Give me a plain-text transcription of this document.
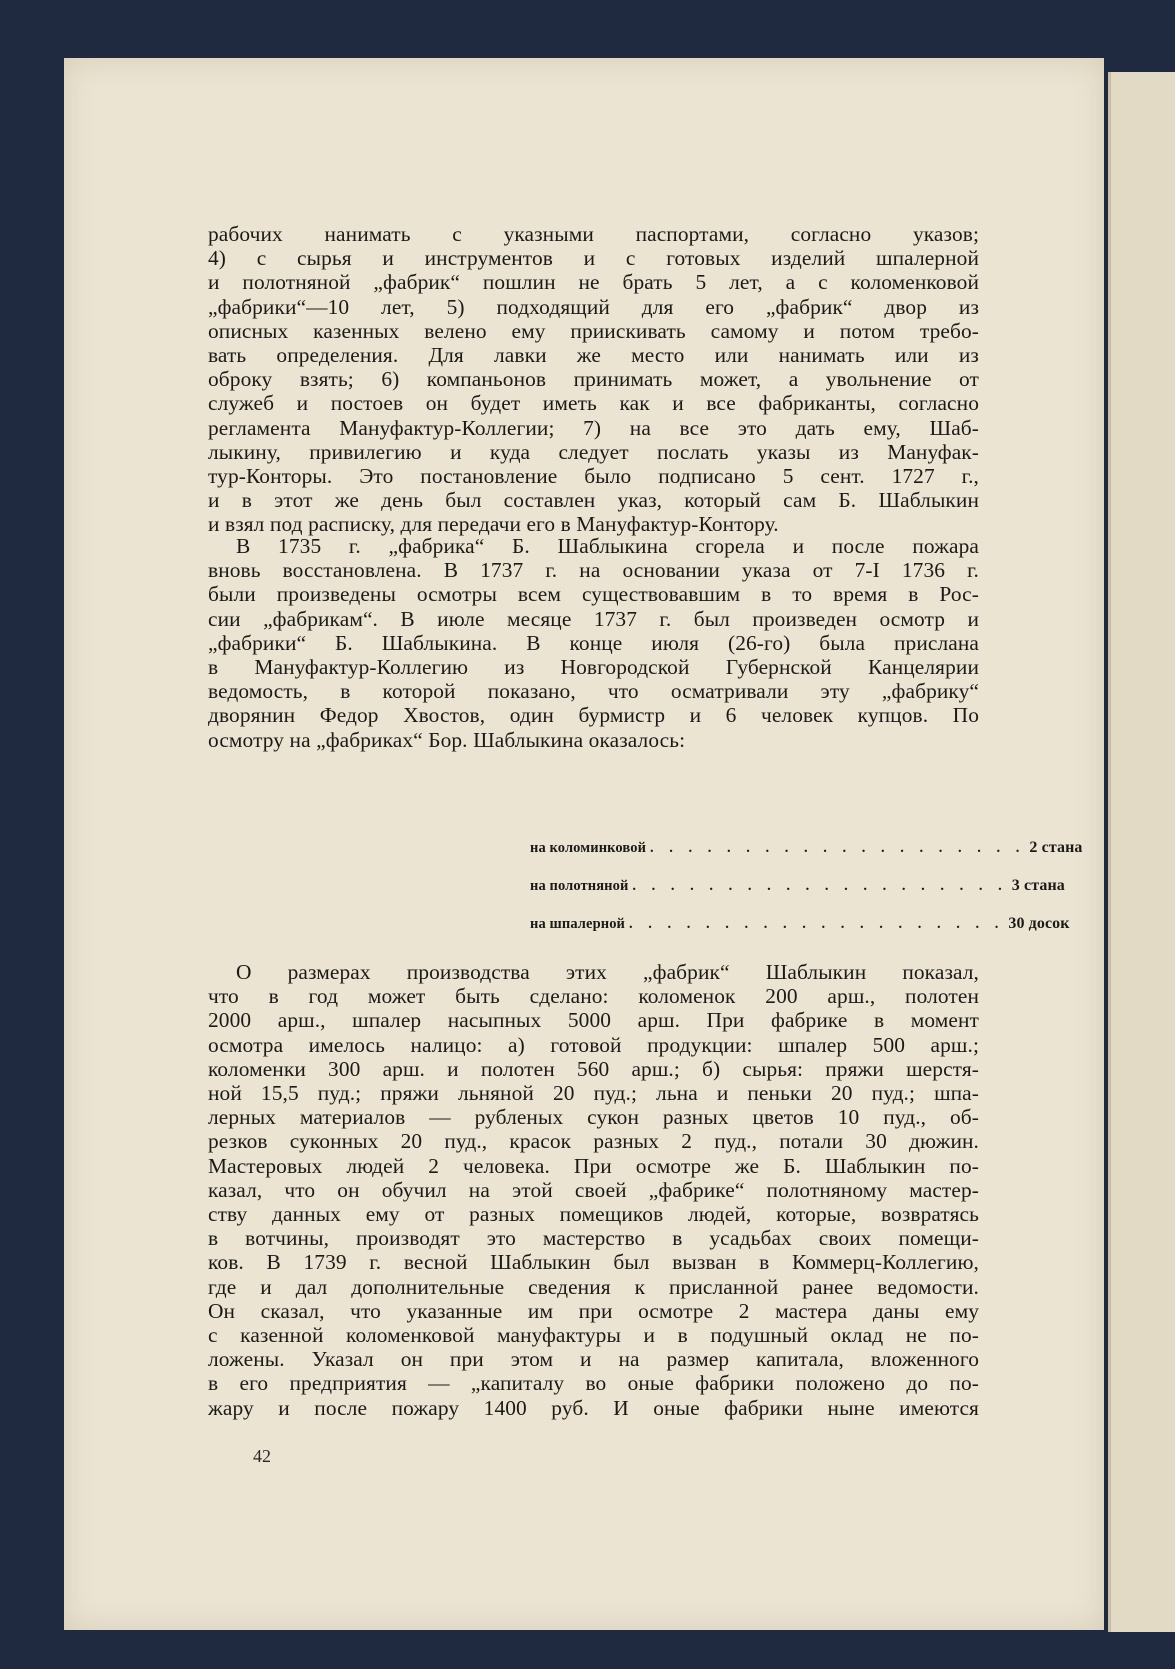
рабочих нанимать с указными паспортами, согласно указов;
4) с сырья и инструментов и с готовых изделий шпалерной
и полотняной „фабрик“ пошлин не брать 5 лет, а с коломенковой
„фабрики“—10 лет, 5) подходящий для его „фабрик“ двор из
описных казенных велено ему приискивать самому и потом требо-
вать определения. Для лавки же место или нанимать или из
оброку взять; 6) компаньонов принимать может, а увольнение от
служеб и постоев он будет иметь как и все фабриканты, согласно
регламента Мануфактур-Коллегии; 7) на все это дать ему, Шаб-
лыкину, привилегию и куда следует послать указы из Мануфак-
тур-Конторы. Это постановление было подписано 5 сент. 1727 г.,
и в этот же день был составлен указ, который сам Б. Шаблыкин
и взял под расписку, для передачи его в Мануфактур-Контору.
В 1735 г. „фабрика“ Б. Шаблыкина сгорела и после пожара
вновь восстановлена. В 1737 г. на основании указа от 7-I 1736 г.
были произведены осмотры всем существовавшим в то время в Рос-
сии „фабрикам“. В июле месяце 1737 г. был произведен осмотр и
„фабрики“ Б. Шаблыкина. В конце июля (26-го) была прислана
в Мануфактур-Коллегию из Новгородской Губернской Канцелярии
ведомость, в которой показано, что осматривали эту „фабрику“
дворянин Федор Хвостов, один бурмистр и 6 человек купцов. По
осмотру на „фабриках“ Бор. Шаблыкина оказалось:
на коломинковой . . . . . . . . . . . . . . . . . . . . 2 стана
на полотняной . . . . . . . . . . . . . . . . . . . . 3 стана
на шпалерной . . . . . . . . . . . . . . . . . . . . 30 досок
О размерах производства этих „фабрик“ Шаблыкин показал,
что в год может быть сделано: коломенок 200 арш., полотен
2000 арш., шпалер насыпных 5000 арш. При фабрике в момент
осмотра имелось налицо: а) готовой продукции: шпалер 500 арш.;
коломенки 300 арш. и полотен 560 арш.; б) сырья: пряжи шерстя-
ной 15,5 пуд.; пряжи льняной 20 пуд.; льна и пеньки 20 пуд.; шпа-
лерных материалов — рубленых сукон разных цветов 10 пуд., об-
резков суконных 20 пуд., красок разных 2 пуд., потали 30 дюжин.
Мастеровых людей 2 человека. При осмотре же Б. Шаблыкин по-
казал, что он обучил на этой своей „фабрике“ полотняному мастер-
ству данных ему от разных помещиков людей, которые, возвратясь
в вотчины, производят это мастерство в усадьбах своих помещи-
ков. В 1739 г. весной Шаблыкин был вызван в Коммерц-Коллегию,
где и дал дополнительные сведения к присланной ранее ведомости.
Он сказал, что указанные им при осмотре 2 мастера даны ему
с казенной коломенковой мануфактуры и в подушный оклад не по-
ложены. Указал он при этом и на размер капитала, вложенного
в его предприятия — „капиталу во оные фабрики положено до по-
жару и после пожару 1400 руб. И оные фабрики ныне имеются
42
